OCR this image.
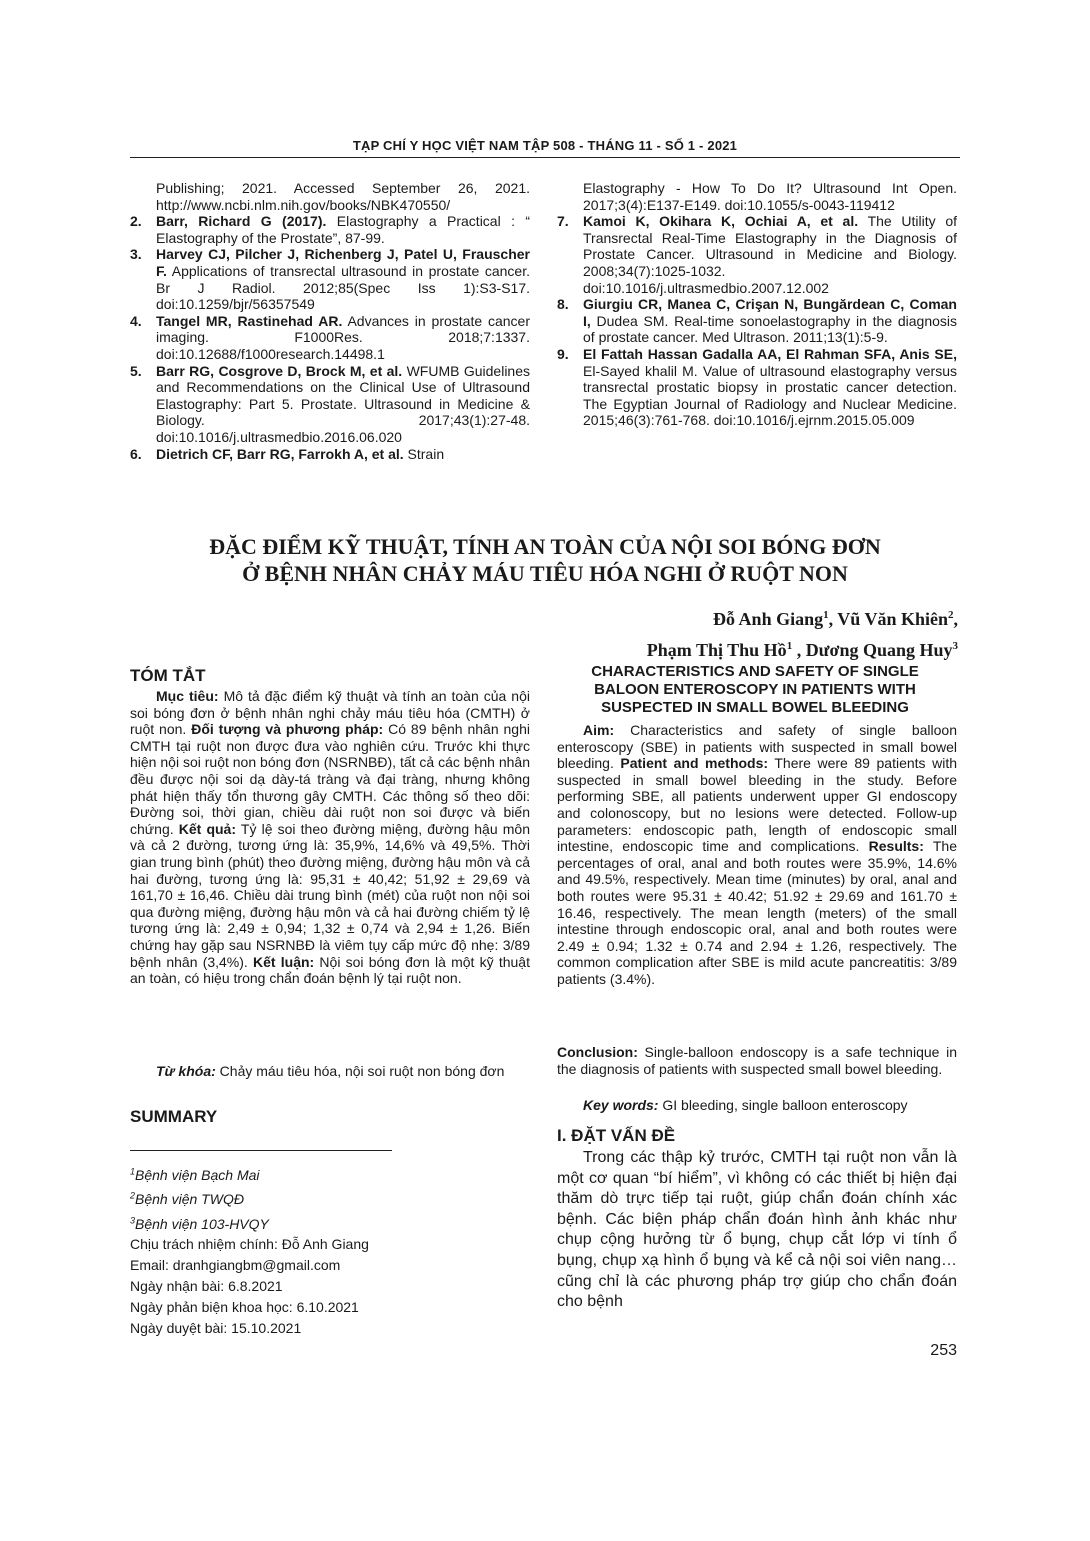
TẠP CHÍ Y HỌC VIỆT NAM TẬP 508 - THÁNG 11 - SỐ 1 - 2021
Publishing; 2021. Accessed September 26, 2021. http://www.ncbi.nlm.nih.gov/books/NBK470550/
2.	Barr, Richard G (2017). Elastography a Practical : “ Elastography of the Prostate”, 87-99.
3.	Harvey CJ, Pilcher J, Richenberg J, Patel U, Frauscher F. Applications of transrectal ultrasound in prostate cancer. Br J Radiol. 2012;85(Spec Iss 1):S3-S17. doi:10.1259/bjr/56357549
4.	Tangel MR, Rastinehad AR. Advances in prostate cancer imaging. F1000Res. 2018;7:1337. doi:10.12688/f1000research.14498.1
5.	Barr RG, Cosgrove D, Brock M, et al. WFUMB Guidelines and Recommendations on the Clinical Use of Ultrasound Elastography: Part 5. Prostate. Ultrasound in Medicine & Biology. 2017;43(1):27-48. doi:10.1016/j.ultrasmedbio.2016.06.020
6.	Dietrich CF, Barr RG, Farrokh A, et al. Strain
Elastography - How To Do It? Ultrasound Int Open. 2017;3(4):E137-E149. doi:10.1055/s-0043-119412
7.	Kamoi K, Okihara K, Ochiai A, et al. The Utility of Transrectal Real-Time Elastography in the Diagnosis of Prostate Cancer. Ultrasound in Medicine and Biology. 2008;34(7):1025-1032. doi:10.1016/j.ultrasmedbio.2007.12.002
8.	Giurgiu CR, Manea C, Crişan N, Bungărdean C, Coman I, Dudea SM. Real-time sonoelastography in the diagnosis of prostate cancer. Med Ultrason. 2011;13(1):5-9.
9.	El Fattah Hassan Gadalla AA, El Rahman SFA, Anis SE, El-Sayed khalil M. Value of ultrasound elastography versus transrectal prostatic biopsy in prostatic cancer detection. The Egyptian Journal of Radiology and Nuclear Medicine. 2015;46(3):761-768. doi:10.1016/j.ejrnm.2015.05.009
ĐẶC ĐIỂM KỸ THUẬT, TÍNH AN TOÀN CỦA NỘI SOI BÓNG ĐƠN
Ở BỆNH NHÂN CHẢY MÁU TIÊU HÓA NGHI Ở RUỘT NON
Đỗ Anh Giang$^1$, Vũ Văn Khiên$^2$,
Phạm Thị Thu Hồ$^1$ , Dương Quang Huy$^3$
TÓM TẮT
Mục tiêu: Mô tả đặc điểm kỹ thuật và tính an toàn của nội soi bóng đơn ở bệnh nhân nghi chảy máu tiêu hóa (CMTH) ở ruột non. Đối tượng và phương pháp: Có 89 bệnh nhân nghi CMTH tại ruột non được đưa vào nghiên cứu. Trước khi thực hiện nội soi ruột non bóng đơn (NSRNBĐ), tất cả các bệnh nhân đều được nội soi dạ dày-tá tràng và đại tràng, nhưng không phát hiện thấy tổn thương gây CMTH. Các thông số theo dõi: Đường soi, thời gian, chiều dài ruột non soi được và biến chứng. Kết quả: Tỷ lệ soi theo đường miệng, đường hậu môn và cả 2 đường, tương ứng là: 35,9%, 14,6% và 49,5%. Thời gian trung bình (phút) theo đường miệng, đường hậu môn và cả hai đường, tương ứng là: 95,31 ± 40,42; 51,92 ± 29,69 và 161,70 ± 16,46. Chiều dài trung bình (mét) của ruột non nội soi qua đường miệng, đường hậu môn và cả hai đường chiếm tỷ lệ tương ứng là: 2,49 ± 0,94; 1,32 ± 0,74 và 2,94 ± 1,26. Biến chứng hay gặp sau NSRNBĐ là viêm tụy cấp mức độ nhẹ: 3/89 bệnh nhân (3,4%). Kết luận: Nội soi bóng đơn là một kỹ thuật an toàn, có hiệu trong chẩn đoán bệnh lý tại ruột non.
Từ khóa: Chảy máu tiêu hóa, nội soi ruột non bóng đơn
SUMMARY
$^1$Bệnh viện Bạch Mai
$^2$Bệnh viện TWQĐ
$^3$Bệnh viện 103-HVQY
Chịu trách nhiệm chính: Đỗ Anh Giang
Email: dranhgiangbm@gmail.com
Ngày nhận bài: 6.8.2021
Ngày phản biện khoa học: 6.10.2021
Ngày duyệt bài: 15.10.2021
CHARACTERISTICS AND SAFETY OF SINGLE
BALOON ENTEROSCOPY IN PATIENTS WITH
SUSPECTED IN SMALL BOWEL BLEEDING
Aim: Characteristics and safety of single balloon enteroscopy (SBE) in patients with suspected in small bowel bleeding. Patient and methods: There were 89 patients with suspected in small bowel bleeding in the study. Before performing SBE, all patients underwent upper GI endoscopy and colonoscopy, but no lesions were detected. Follow-up parameters: endoscopic path, length of endoscopic small intestine, endoscopic time and complications. Results: The percentages of oral, anal and both routes were 35.9%, 14.6% and 49.5%, respectively. Mean time (minutes) by oral, anal and both routes were 95.31 ± 40.42; 51.92 ± 29.69 and 161.70 ± 16.46, respectively. The mean length (meters) of the small intestine through endoscopic oral, anal and both routes were 2.49 ± 0.94; 1.32 ± 0.74 and 2.94 ± 1.26, respectively. The common complication after SBE is mild acute pancreatitis: 3/89 patients (3.4%).
Conclusion: Single-balloon endoscopy is a safe technique in the diagnosis of patients with suspected small bowel bleeding.
Key words: GI bleeding, single balloon enteroscopy
I. ĐẶT VẤN ĐỀ
Trong các thập kỷ trước, CMTH tại ruột non vẫn là một cơ quan “bí hiểm”, vì không có các thiết bị hiện đại thăm dò trực tiếp tại ruột, giúp chẩn đoán chính xác bệnh. Các biện pháp chẩn đoán hình ảnh khác như chụp cộng hưởng từ ổ bụng, chụp cắt lớp vi tính ổ bụng, chụp xạ hình ổ bụng và kể cả nội soi viên nang… cũng chỉ là các phương pháp trợ giúp cho chẩn đoán cho bệnh
253
